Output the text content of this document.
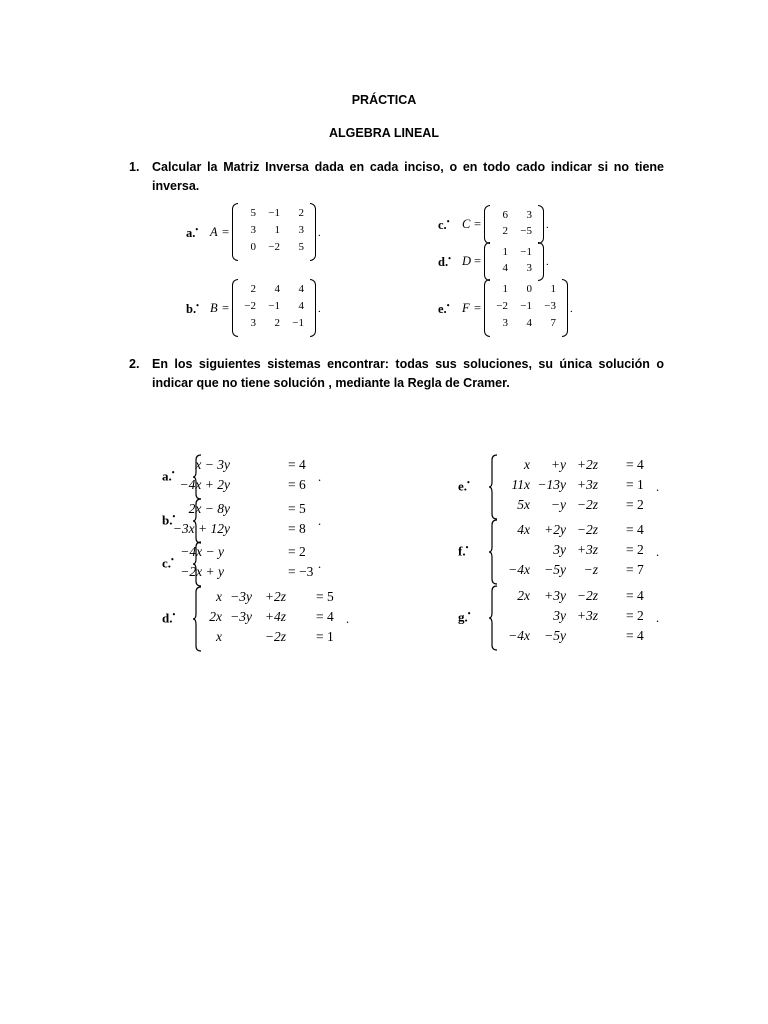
PRÁCTICA
ALGEBRA LINEAL
1. Calcular la Matriz Inversa dada en cada inciso, o en todo cado indicar si no tiene inversa.
a.• A =
5	−1	2
3	1	3
0	−2	5
.
b.• B =
2	4	4
−2	−1	4
3	2	−1
.
c.• C =
6	3
2	−5 .
d.• D =
1	−1
4	3 .
e.• F =
1	0	1
−2	−1	−3
3	4	7
.
2. En los siguientes sistemas encontrar: todas sus soluciones, su única solución o indicar que no tiene solución , mediante la Regla de Cramer.
a.•
x − 3y	= 4
−4x + 2y	= 6 .
b.•
2x − 8y	= 5
−3x + 12y	= 8 .
c.•
−4x − y	= 2
−2x + y	= −3 .
d.•
x −3y +2z = 5
2x −3y +4z = 4
x	−2z = 1
.
e.•
x +y +2z = 4
11x −13y +3z = 1
5x −y −2z = 2
.
f.•
4x +2y −2z = 4
3y +3z = 2
−4x −5y −z = 7
.
g.•
2x +3y −2z = 4
3y +3z = 2
−4x −5y	= 4
.
